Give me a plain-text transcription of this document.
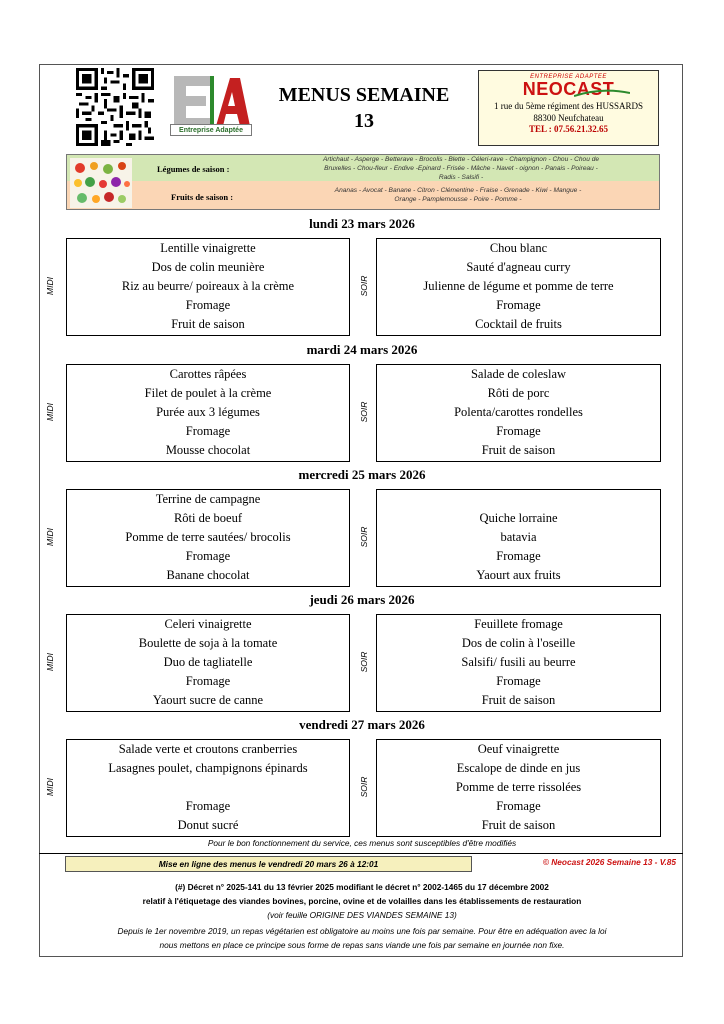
Entreprise Adaptée
MENUS SEMAINE
13
ENTREPRISE ADAPTEE
NEOCAST
1 rue du 5ème régiment des HUSSARDS
88300 Neufchateau
TEL : 07.56.21.32.65
Légumes de saison :
Artichaut - Asperge - Betterave - Brocolis - Blette - Céleri-rave - Champignon - Chou - Chou de
Bruxelles - Chou-fleur - Endive -Epinard - Frisée - Mâche - Navet - oignon - Panais - Poireau -
Radis - Salsifi -
Fruits de saison :
Ananas - Avocat - Banane - Citron - Clémentine - Fraise - Grenade - Kiwi - Mangue -
Orange - Pamplemousse - Poire - Pomme -
lundi 23 mars 2026
MIDI
Lentille vinaigrette
Dos de colin meunière
Riz au beurre/ poireaux à la crème
Fromage
Fruit de saison
SOIR
Chou blanc
Sauté d'agneau curry
Julienne de légume et pomme de terre
Fromage
Cocktail de fruits
mardi 24 mars 2026
MIDI
Carottes râpées
Filet de poulet à la crème
Purée aux 3 légumes
Fromage
Mousse chocolat
SOIR
Salade de coleslaw
Rôti de porc
Polenta/carottes rondelles
Fromage
Fruit de saison
mercredi 25 mars 2026
MIDI
Terrine de campagne
Rôti de boeuf
Pomme de terre sautées/ brocolis
Fromage
Banane chocolat
SOIR
Quiche lorraine
batavia
Fromage
Yaourt aux fruits
jeudi 26 mars 2026
MIDI
Celeri vinaigrette
Boulette de soja à la tomate
Duo de tagliatelle
Fromage
Yaourt sucre de canne
SOIR
Feuillete fromage
Dos de colin à l'oseille
Salsifi/ fusili au beurre
Fromage
Fruit de saison
vendredi 27 mars 2026
MIDI
Salade verte et croutons cranberries
Lasagnes poulet, champignons épinards
Fromage
Donut sucré
SOIR
Oeuf vinaigrette
Escalope de dinde en jus
Pomme de terre rissolées
Fromage
Fruit de saison
Pour le bon fonctionnement du service, ces menus sont susceptibles d'être modifiés
Mise en ligne des menus le vendredi 20 mars 26 à 12:01	© Neocast 2026 Semaine 13 - V.85
(#) Décret n° 2025-141 du 13 février 2025 modifiant le décret n° 2002-1465 du 17 décembre 2002
relatif à l'étiquetage des viandes bovines, porcine, ovine et de volailles dans les établissements de restauration
(voir feuille ORIGINE DES VIANDES SEMAINE 13)
Depuis le 1er novembre 2019, un repas végétarien est obligatoire au moins une fois par semaine. Pour être en adéquation avec la loi
nous mettons en place ce principe sous forme de repas sans viande une fois par semaine en journée non fixe.
